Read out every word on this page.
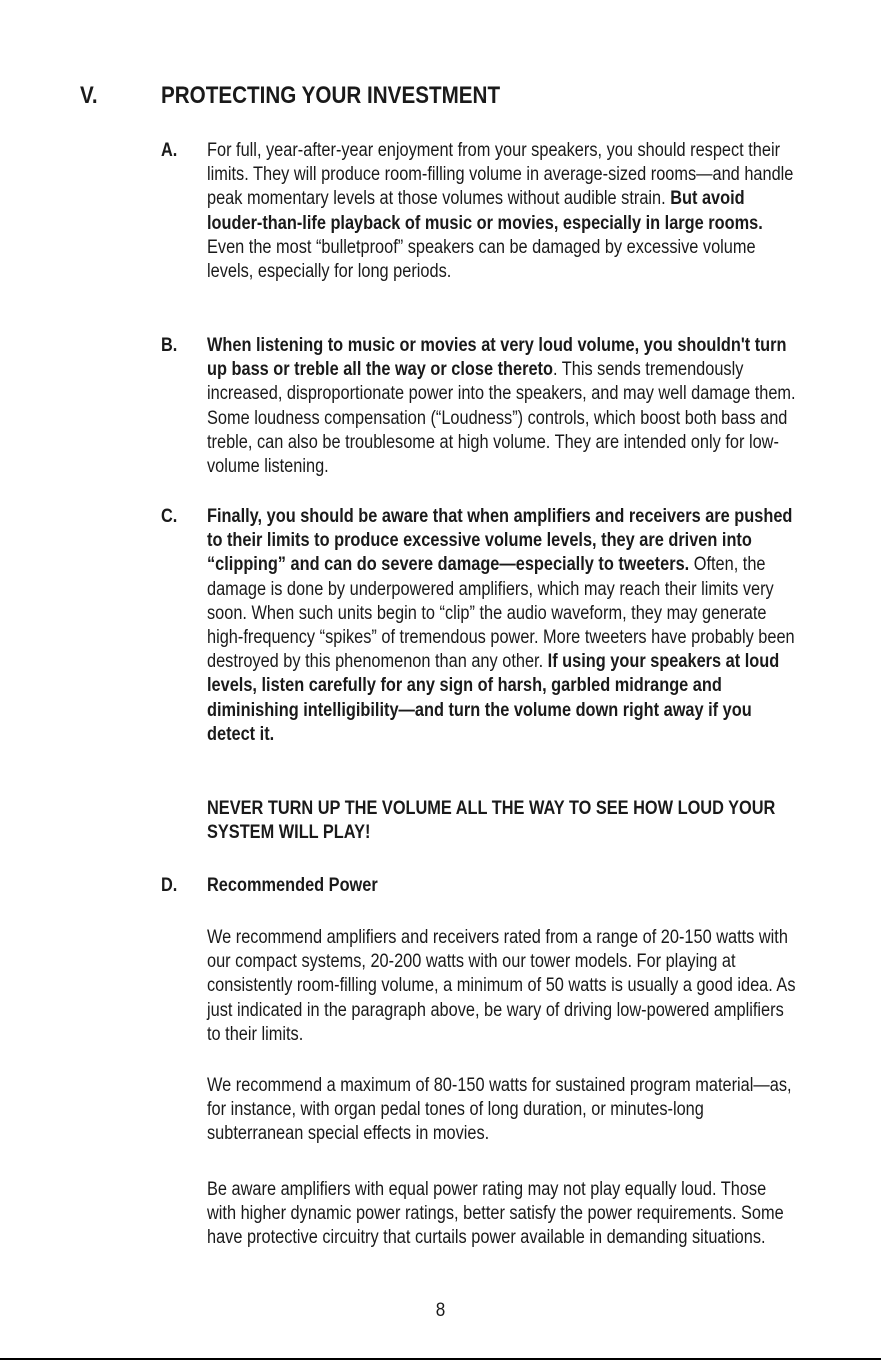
V.	PROTECTING YOUR INVESTMENT
A. For full, year-after-year enjoyment from your speakers, you should respect their limits. They will produce room-filling volume in average-sized rooms—and handle peak momentary levels at those volumes without audible strain. But avoid louder-than-life playback of music or movies, especially in large rooms. Even the most “bulletproof” speakers can be damaged by excessive volume levels, especially for long periods.

B. When listening to music or movies at very loud volume, you shouldn't turn up bass or treble all the way or close thereto. This sends tremendously increased, disproportionate power into the speakers, and may well damage them. Some loudness compensation (“Loudness”) controls, which boost both bass and treble, can also be troublesome at high volume. They are intended only for low-volume listening.

C. Finally, you should be aware that when amplifiers and receivers are pushed to their limits to produce excessive volume levels, they are driven into “clipping” and can do severe damage—especially to tweeters. Often, the damage is done by underpowered amplifiers, which may reach their limits very soon. When such units begin to “clip” the audio waveform, they may generate high-frequency “spikes” of tremendous power. More tweeters have probably been destroyed by this phenomenon than any other. If using your speakers at loud levels, listen carefully for any sign of harsh, garbled midrange and diminishing intelligibility—and turn the volume down right away if you detect it.

NEVER TURN UP THE VOLUME ALL THE WAY TO SEE HOW LOUD YOUR SYSTEM WILL PLAY!
D. Recommended Power
We recommend amplifiers and receivers rated from a range of 20-150 watts with our compact systems, 20-200 watts with our tower models. For playing at consistently room-filling volume, a minimum of 50 watts is usually a good idea. As just indicated in the paragraph above, be wary of driving low-powered amplifiers to their limits.
We recommend a maximum of 80-150 watts for sustained program material—as, for instance, with organ pedal tones of long duration, or minutes-long subterranean special effects in movies.
Be aware amplifiers with equal power rating may not play equally loud. Those with higher dynamic power ratings, better satisfy the power requirements. Some have protective circuitry that curtails power available in demanding situations.
8
